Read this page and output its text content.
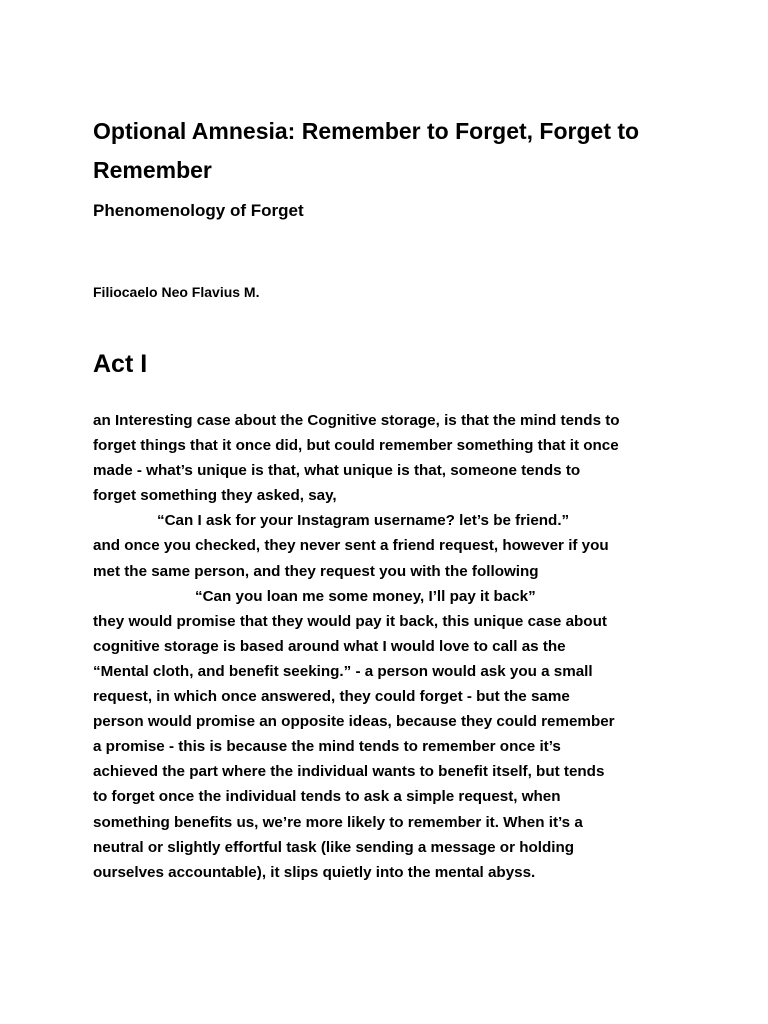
Optional Amnesia: Remember to Forget, Forget to Remember
Phenomenology of Forget

Filiocaelo Neo Flavius M.

Act I
an Interesting case about the Cognitive storage, is that the mind tends to
forget things that it once did, but could remember something that it once
made - what’s unique is that, what unique is that, someone tends to
forget something they asked, say,
“Can I ask for your Instagram username? let’s be friend.”
and once you checked, they never sent a friend request, however if you
met the same person, and they request you with the following
“Can you loan me some money, I’ll pay it back”
they would promise that they would pay it back, this unique case about
cognitive storage is based around what I would love to call as the
“Mental cloth, and benefit seeking.” - a person would ask you a small
request, in which once answered, they could forget - but the same
person would promise an opposite ideas, because they could remember
a promise - this is because the mind tends to remember once it’s
achieved the part where the individual wants to benefit itself, but tends
to forget once the individual tends to ask a simple request, when
something benefits us, we’re more likely to remember it. When it’s a
neutral or slightly effortful task (like sending a message or holding
ourselves accountable), it slips quietly into the mental abyss.
